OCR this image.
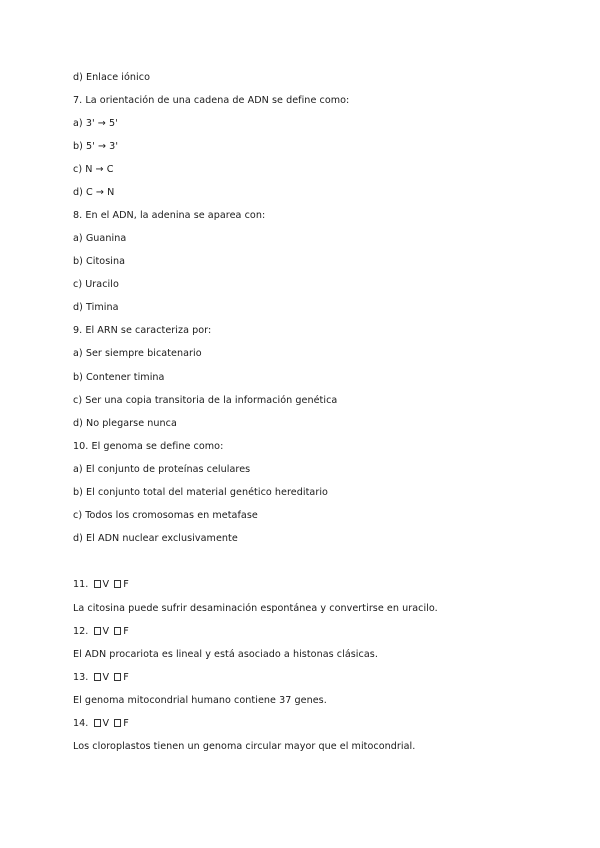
d) Enlace iónico
7. La orientación de una cadena de ADN se define como:
a) 3' → 5'
b) 5' → 3'
c) N → C
d) C → N
8. En el ADN, la adenina se aparea con:
a) Guanina
b) Citosina
c) Uracilo
d) Timina
9. El ARN se caracteriza por:
a) Ser siempre bicatenario
b) Contener timina
c) Ser una copia transitoria de la información genética
d) No plegarse nunca
10. El genoma se define como:
a) El conjunto de proteínas celulares
b) El conjunto total del material genético hereditario
c) Todos los cromosomas en metafase
d) El ADN nuclear exclusivamente
11. V F
La citosina puede sufrir desaminación espontánea y convertirse en uracilo.
12. V F
El ADN procariota es lineal y está asociado a histonas clásicas.
13. V F
El genoma mitocondrial humano contiene 37 genes.
14. V F
Los cloroplastos tienen un genoma circular mayor que el mitocondrial.
